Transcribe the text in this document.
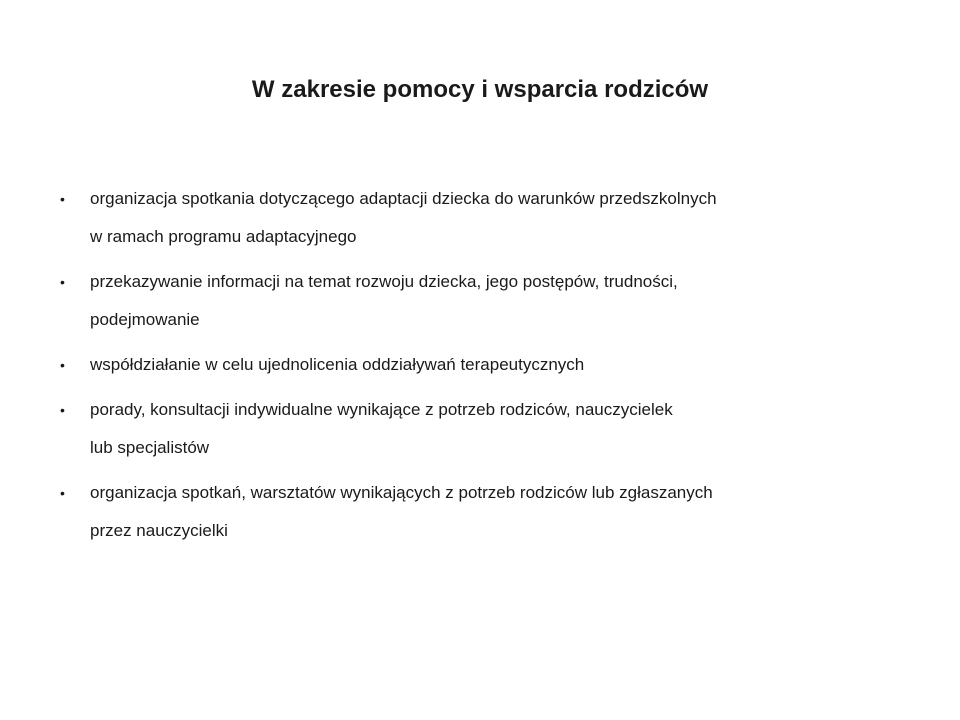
W zakresie pomocy i wsparcia rodziców
• organizacja spotkania dotyczącego adaptacji dziecka do warunków przedszkolnych
w ramach programu adaptacyjnego
• przekazywanie informacji na temat rozwoju dziecka, jego postępów, trudności,
podejmowanie
• współdziałanie w celu ujednolicenia oddziaływań terapeutycznych
• porady, konsultacji indywidualne wynikające z potrzeb rodziców, nauczycielek
lub specjalistów
• organizacja spotkań, warsztatów wynikających z potrzeb rodziców lub zgłaszanych
przez nauczycielki
